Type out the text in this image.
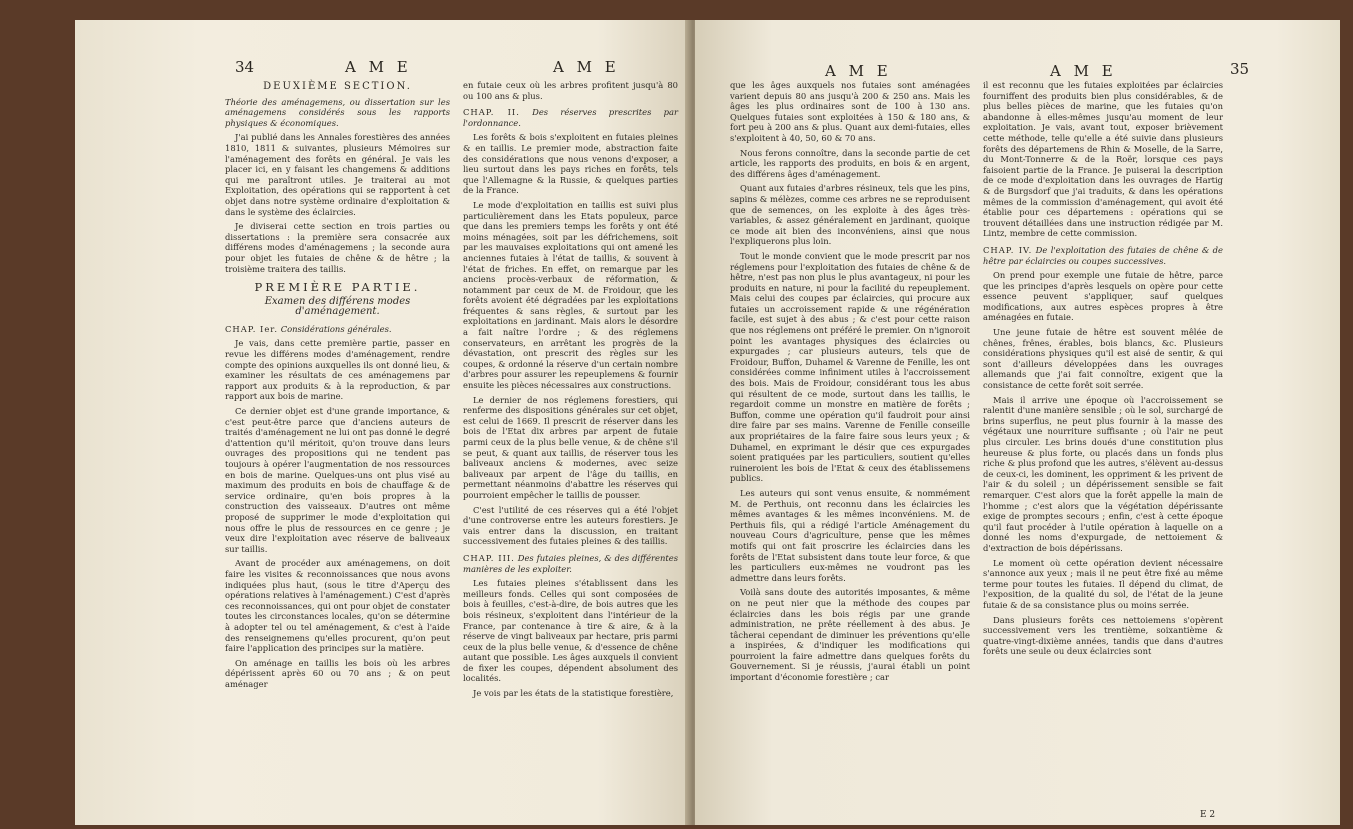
34	A M E	A M E

DEUXIÈME SECTION.

Théorie des aménagemens, ou dissertation sur les aménagemens considérés sous les rapports physiques & économiques.

J'ai publié dans les Annales forestières des années 1810, 1811 & suivantes, plusieurs Mémoires sur l'aménagement des forêts en général. Je vais les placer ici, en y faisant les changemens & additions qui me paraîtront utiles. Je traiterai au mot Exploitation, des opérations qui se rapportent à cet objet dans notre système ordinaire d'exploitation & dans le système des éclaircies.

Je diviserai cette section en trois parties ou dissertations : la première sera consacrée aux différens modes d'aménagemens ; la seconde aura pour objet les futaies de chêne & de hêtre ; la troisième traitera des taillis.

PREMIÈRE PARTIE.

Examen des différens modes d'aménagement.

CHAP. Ier. Considérations générales.

Je vais, dans cette première partie, passer en revue les différens modes d'aménagement, rendre compte des opinions auxquelles ils ont donné lieu, & examiner les résultats de ces aménagemens par rapport aux produits & à la reproduction, & par rapport aux bois de marine.

Ce dernier objet est d'une grande importance, & c'est peut-être parce que d'anciens auteurs de traités d'aménagement ne lui ont pas donné le degré d'attention qu'il méritoit, qu'on trouve dans leurs ouvrages des propositions qui ne tendent pas toujours à opérer l'augmentation de nos ressources en bois de marine. Quelques-uns ont plus visé au maximum des produits en bois de chauffage & de service ordinaire, qu'en bois propres à la construction des vaisseaux. D'autres ont même proposé de supprimer le mode d'exploitation qui nous offre le plus de ressources en ce genre ; je veux dire l'exploitation avec réserve de baliveaux sur taillis.

Avant de procéder aux aménagemens, on doit faire les visites & reconnoissances que nous avons indiquées plus haut, (sous le titre d'Aperçu des opérations relatives à l'aménagement.) C'est d'après ces reconnoissances, qui ont pour objet de constater toutes les circonstances locales, qu'on se détermine à adopter tel ou tel aménagement, & c'est à l'aide des renseignemens qu'elles procurent, qu'on peut faire l'application des principes sur la matière.

On aménage en taillis les bois où les arbres dépérissent après 60 ou 70 ans ; & on peut aménager

en futaie ceux où les arbres profitent jusqu'à 80 ou 100 ans & plus.

CHAP. II. Des réserves prescrites par l'ordonnance.

Les forêts & bois s'exploitent en futaies pleines & en taillis. Le premier mode, abstraction faite des considérations que nous venons d'exposer, a lieu surtout dans les pays riches en forêts, tels que l'Allemagne & la Russie, & quelques parties de la France.

Le mode d'exploitation en taillis est suivi plus particulièrement dans les Etats populeux, parce que dans les premiers temps les forêts y ont été moins ménagées, soit par les défrichemens, soit par les mauvaises exploitations qui ont amené les anciennes futaies à l'état de taillis, & souvent à l'état de friches. En effet, on remarque par les anciens procès-verbaux de réformation, & notamment par ceux de M. de Froidour, que les forêts avoient été dégradées par les exploitations fréquentes & sans règles, & surtout par les exploitations en jardinant. Mais alors le désordre a fait naître l'ordre ; & des réglemens conservateurs, en arrêtant les progrès de la dévastation, ont prescrit des règles sur les coupes, & ordonné la réserve d'un certain nombre d'arbres pour assurer les repeuplemens & fournir ensuite les pièces nécessaires aux constructions.

Le dernier de nos réglemens forestiers, qui renferme des dispositions générales sur cet objet, est celui de 1669. Il prescrit de réserver dans les bois de l'Etat dix arbres par arpent de futaie parmi ceux de la plus belle venue, & de chêne s'il se peut, & quant aux taillis, de réserver tous les baliveaux anciens & modernes, avec seize baliveaux par arpent de l'âge du taillis, en permettant néanmoins d'abattre les réserves qui pourroient empêcher le taillis de pousser.

C'est l'utilité de ces réserves qui a été l'objet d'une controverse entre les auteurs forestiers. Je vais entrer dans la discussion, en traitant successivement des futaies pleines & des taillis.

CHAP. III. Des futaies pleines, & des différentes manières de les exploiter.

Les futaies pleines s'établissent dans les meilleurs fonds. Celles qui sont composées de bois à feuilles, c'est-à-dire, de bois autres que les bois résineux, s'exploitent dans l'intérieur de la France, par contenance à tire & aire, & à la réserve de vingt baliveaux par hectare, pris parmi ceux de la plus belle venue, & d'essence de chêne autant que possible. Les âges auxquels il convient de fixer les coupes, dépendent absolument des localités.

Je vois par les états de la statistique forestière,

A M E	A M E	35

que les âges auxquels nos futaies sont aménagées varient depuis 80 ans jusqu'à 200 & 250 ans. Mais les âges les plus ordinaires sont de 100 à 130 ans. Quelques futaies sont exploitées à 150 & 180 ans, & fort peu à 200 ans & plus. Quant aux demi-futaies, elles s'exploitent à 40, 50, 60 & 70 ans.

Nous ferons connoître, dans la seconde partie de cet article, les rapports des produits, en bois & en argent, des différens âges d'aménagement.

Quant aux futaies d'arbres résineux, tels que les pins, sapins & mélèzes, comme ces arbres ne se reproduisent que de semences, on les exploite à des âges très-variables, & assez généralement en jardinant, quoique ce mode ait bien des inconvéniens, ainsi que nous l'expliquerons plus loin.

Tout le monde convient que le mode prescrit par nos réglemens pour l'exploitation des futaies de chêne & de hêtre, n'est pas non plus le plus avantageux, ni pour les produits en nature, ni pour la facilité du repeuplement. Mais celui des coupes par éclaircies, qui procure aux futaies un accroissement rapide & une régénération facile, est sujet à des abus ; & c'est pour cette raison que nos réglemens ont préféré le premier. On n'ignoroit point les avantages physiques des éclaircies ou expurgades ; car plusieurs auteurs, tels que de Froidour, Buffon, Duhamel & Varenne de Fenille, les ont considérées comme infiniment utiles à l'accroissement des bois. Mais de Froidour, considérant tous les abus qui résultent de ce mode, surtout dans les taillis, le regardoit comme un monstre en matière de forêts ; Buffon, comme une opération qu'il faudroit pour ainsi dire faire par ses mains. Varenne de Fenille conseille aux propriétaires de la faire faire sous leurs yeux ; & Duhamel, en exprimant le désir que ces expurgades soient pratiquées par les particuliers, soutient qu'elles ruineroient les bois de l'Etat & ceux des établissemens publics.

Les auteurs qui sont venus ensuite, & nommément M. de Perthuis, ont reconnu dans les éclaircies les mêmes avantages & les mêmes inconvéniens. M. de Perthuis fils, qui a rédigé l'article Aménagement du nouveau Cours d'agriculture, pense que les mêmes motifs qui ont fait proscrire les éclaircies dans les forêts de l'Etat subsistent dans toute leur force, & que les particuliers eux-mêmes ne voudront pas les admettre dans leurs forêts.

Voilà sans doute des autorités imposantes, & même on ne peut nier que la méthode des coupes par éclaircies dans les bois régis par une grande administration, ne prête réellement à des abus. Je tâcherai cependant de diminuer les préventions qu'elle a inspirées, & d'indiquer les modifications qui pourroient la faire admettre dans quelques forêts du Gouvernement. Si je réussis, j'aurai établi un point important d'économie forestière ; car

il est reconnu que les futaies exploitées par éclaircies fourniffent des produits bien plus considérables, & de plus belles pièces de marine, que les futaies qu'on abandonne à elles-mêmes jusqu'au moment de leur exploitation. Je vais, avant tout, exposer brièvement cette méthode, telle qu'elle a été suivie dans plusieurs forêts des départemens de Rhin & Moselle, de la Sarre, du Mont-Tonnerre & de la Roër, lorsque ces pays faisoient partie de la France. Je puiserai la description de ce mode d'exploitation dans les ouvrages de Hartig & de Burgsdorf que j'ai traduits, & dans les opérations mêmes de la commission d'aménagement, qui avoit été établie pour ces départemens : opérations qui se trouvent détaillées dans une instruction rédigée par M. Lintz, membre de cette commission.

CHAP. IV. De l'exploitation des futaies de chêne & de hêtre par éclaircies ou coupes successives.

On prend pour exemple une futaie de hêtre, parce que les principes d'après lesquels on opère pour cette essence peuvent s'appliquer, sauf quelques modifications, aux autres espèces propres à être aménagées en futaie.

Une jeune futaie de hêtre est souvent mêlée de chênes, frênes, érables, bois blancs, &c. Plusieurs considérations physiques qu'il est aisé de sentir, & qui sont d'ailleurs développées dans les ouvrages allemands que j'ai fait connoître, exigent que la consistance de cette forêt soit serrée.

Mais il arrive une époque où l'accroissement se ralentit d'une manière sensible ; où le sol, surchargé de brins superflus, ne peut plus fournir à la masse des végétaux une nourriture suffisante ; où l'air ne peut plus circuler. Les brins doués d'une constitution plus heureuse & plus forte, ou placés dans un fonds plus riche & plus profond que les autres, s'élèvent au-dessus de ceux-ci, les dominent, les oppriment & les privent de l'air & du soleil ; un dépérissement sensible se fait remarquer. C'est alors que la forêt appelle la main de l'homme ; c'est alors que la végétation dépérissante exige de promptes secours ; enfin, c'est à cette époque qu'il faut procéder à l'utile opération à laquelle on a donné les noms d'expurgade, de nettoiement & d'extraction de bois dépérissans.

Le moment où cette opération devient nécessaire s'annonce aux yeux ; mais il ne peut être fixé au même terme pour toutes les futaies. Il dépend du climat, de l'exposition, de la qualité du sol, de l'état de la jeune futaie & de sa consistance plus ou moins serrée.

Dans plusieurs forêts ces nettoiemens s'opèrent successivement vers les trentième, soixantième & quatre-vingt-dixième années, tandis que dans d'autres forêts une seule ou deux éclaircies sont

E 2
